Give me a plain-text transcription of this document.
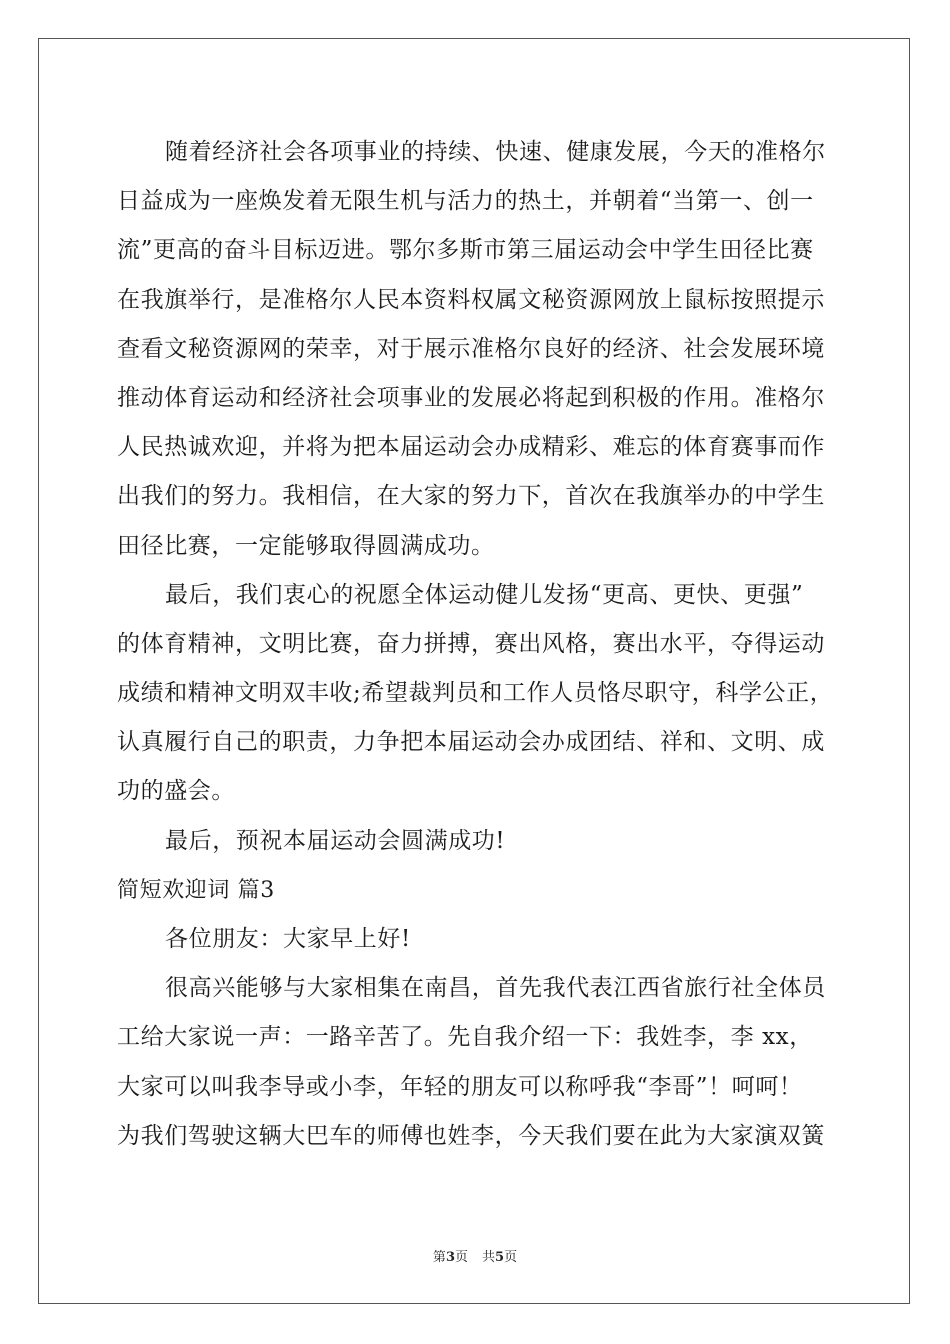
随着经济社会各项事业的持续、快速、健康发展，今天的准格尔
日益成为一座焕发着无限生机与活力的热土，并朝着“当第一、创一
流”更高的奋斗目标迈进。鄂尔多斯市第三届运动会中学生田径比赛
在我旗举行，是准格尔人民本资料权属文秘资源网放上鼠标按照提示
查看文秘资源网的荣幸，对于展示准格尔良好的经济、社会发展环境
推动体育运动和经济社会项事业的发展必将起到积极的作用。准格尔
人民热诚欢迎，并将为把本届运动会办成精彩、难忘的体育赛事而作
出我们的努力。我相信，在大家的努力下，首次在我旗举办的中学生
田径比赛，一定能够取得圆满成功。
最后，我们衷心的祝愿全体运动健儿发扬“更高、更快、更强”
的体育精神，文明比赛，奋力拼搏，赛出风格，赛出水平，夺得运动
成绩和精神文明双丰收;希望裁判员和工作人员恪尽职守，科学公正，
认真履行自己的职责，力争把本届运动会办成团结、祥和、文明、成
功的盛会。
最后，预祝本届运动会圆满成功!
简短欢迎词 篇3
各位朋友：大家早上好!
很高兴能够与大家相集在南昌，首先我代表江西省旅行社全体员
工给大家说一声：一路辛苦了。先自我介绍一下：我姓李，李 xx，
大家可以叫我李导或小李，年轻的朋友可以称呼我“李哥”！呵呵！
为我们驾驶这辆大巴车的师傅也姓李，今天我们要在此为大家演双簧
第3页 共5页
